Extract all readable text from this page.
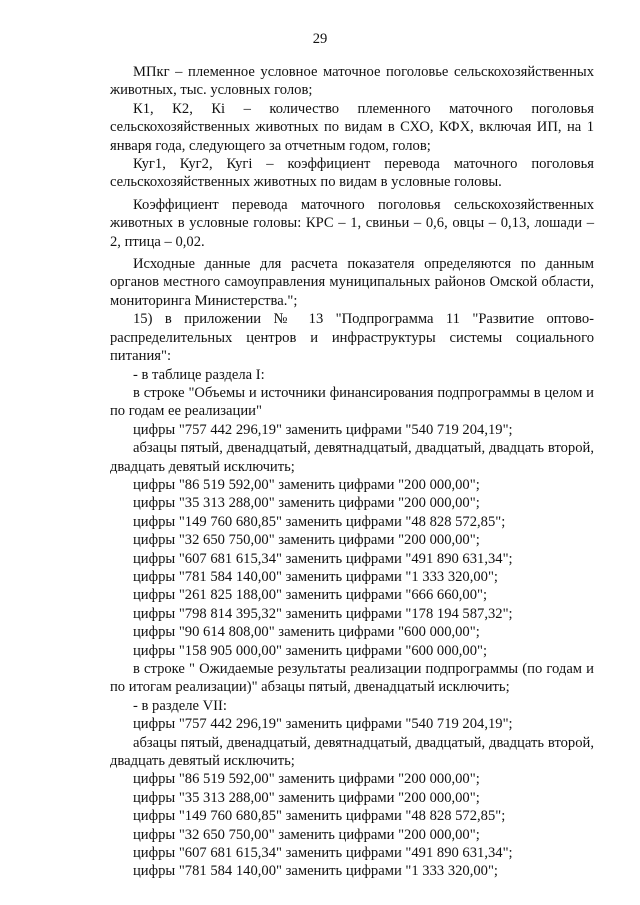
29

МПкг – племенное условное маточное поголовье сельскохозяйственных животных, тыс. условных голов;

К1, К2, Кi – количество племенного маточного поголовья сельскохозяйственных животных по видам в СХО, КФХ, включая ИП, на 1 января года, следующего за отчетным годом, голов;

Куг1, Куг2, Кугi – коэффициент перевода маточного поголовья сельскохозяйственных животных по видам в условные головы.

Коэффициент перевода маточного поголовья сельскохозяйственных животных в условные головы: КРС – 1, свиньи – 0,6, овцы – 0,13, лошади – 2, птица – 0,02.

Исходные данные для расчета показателя определяются по данным органов местного самоуправления муниципальных районов Омской области, мониторинга Министерства.";

15) в приложении № 13 "Подпрограмма 11 "Развитие оптово-распределительных центров и инфраструктуры системы социального питания":

- в таблице раздела I:

в строке "Объемы и источники финансирования подпрограммы в целом и по годам ее реализации"

цифры "757 442 296,19" заменить цифрами "540 719 204,19";

абзацы пятый, двенадцатый, девятнадцатый, двадцатый, двадцать второй, двадцать девятый исключить;

цифры "86 519 592,00" заменить цифрами "200 000,00";

цифры "35 313 288,00" заменить цифрами "200 000,00";

цифры "149 760 680,85" заменить цифрами "48 828 572,85";

цифры "32 650 750,00" заменить цифрами "200 000,00";

цифры "607 681 615,34" заменить цифрами "491 890 631,34";

цифры "781 584 140,00" заменить цифрами "1 333 320,00";

цифры "261 825 188,00" заменить цифрами "666 660,00";

цифры "798 814 395,32" заменить цифрами "178 194 587,32";

цифры "90 614 808,00" заменить цифрами "600 000,00";

цифры "158 905 000,00" заменить цифрами "600 000,00";

в строке " Ожидаемые результаты реализации подпрограммы (по годам и по итогам реализации)" абзацы пятый, двенадцатый исключить;

- в разделе VII:

цифры "757 442 296,19" заменить цифрами "540 719 204,19";

абзацы пятый, двенадцатый, девятнадцатый, двадцатый, двадцать второй, двадцать девятый исключить;

цифры "86 519 592,00" заменить цифрами "200 000,00";

цифры "35 313 288,00" заменить цифрами "200 000,00";

цифры "149 760 680,85" заменить цифрами "48 828 572,85";

цифры "32 650 750,00" заменить цифрами "200 000,00";

цифры "607 681 615,34" заменить цифрами "491 890 631,34";

цифры "781 584 140,00" заменить цифрами "1 333 320,00";
